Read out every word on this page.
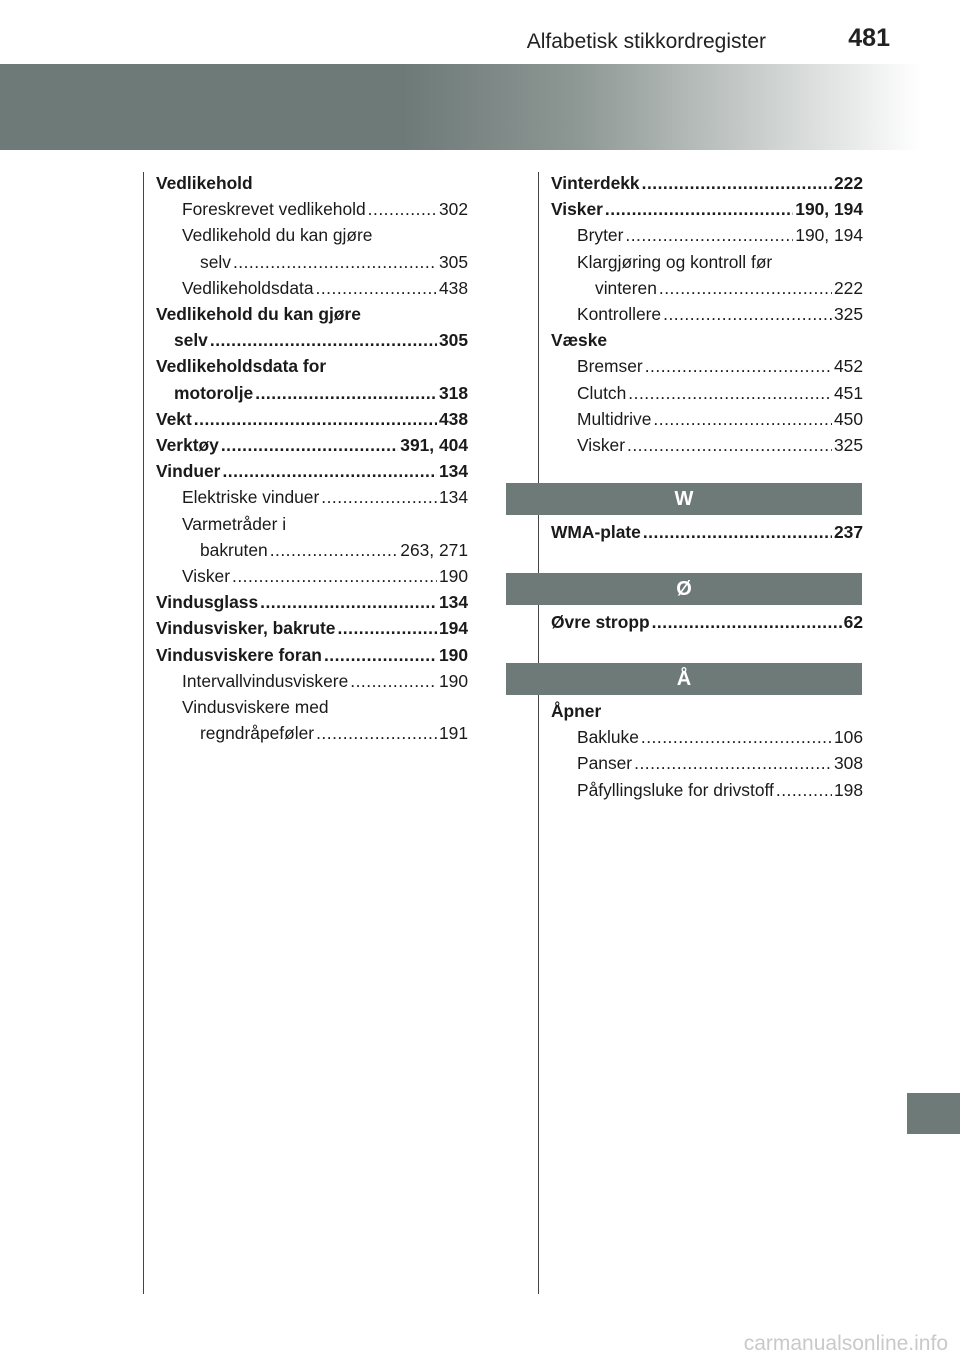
Alfabetisk stikkordregister	481
Vedlikehold
Foreskrevet vedlikehold .....	302
Vedlikehold du kan gjøre
selv .....	305
Vedlikeholdsdata .....	438
Vedlikehold du kan gjøre
selv .....	305
Vedlikeholdsdata for
motorolje .....	318
Vekt .....	438
Verktøy .....	391, 404
Vinduer .....	134
Elektriske vinduer .....	134
Varmetråder i
bakruten .....	263, 271
Visker .....	190
Vindusglass .....	134
Vindusvisker, bakrute .....	194
Vindusviskere foran .....	190
Intervallvindusviskere .....	190
Vindusviskere med
regndråpeføler .....	191
Vinterdekk .....	222
Visker .....	190, 194
Bryter .....	190, 194
Klargjøring og kontroll før
vinteren .....	222
Kontrollere .....	325
Væske
Bremser .....	452
Clutch .....	451
Multidrive .....	450
Visker .....	325
W
WMA-plate .....	237
Ø
Øvre stropp .....	62
Å
Åpner
Bakluke .....	106
Panser .....	308
Påfyllingsluke for drivstoff .....	198
carmanualsonline.info
